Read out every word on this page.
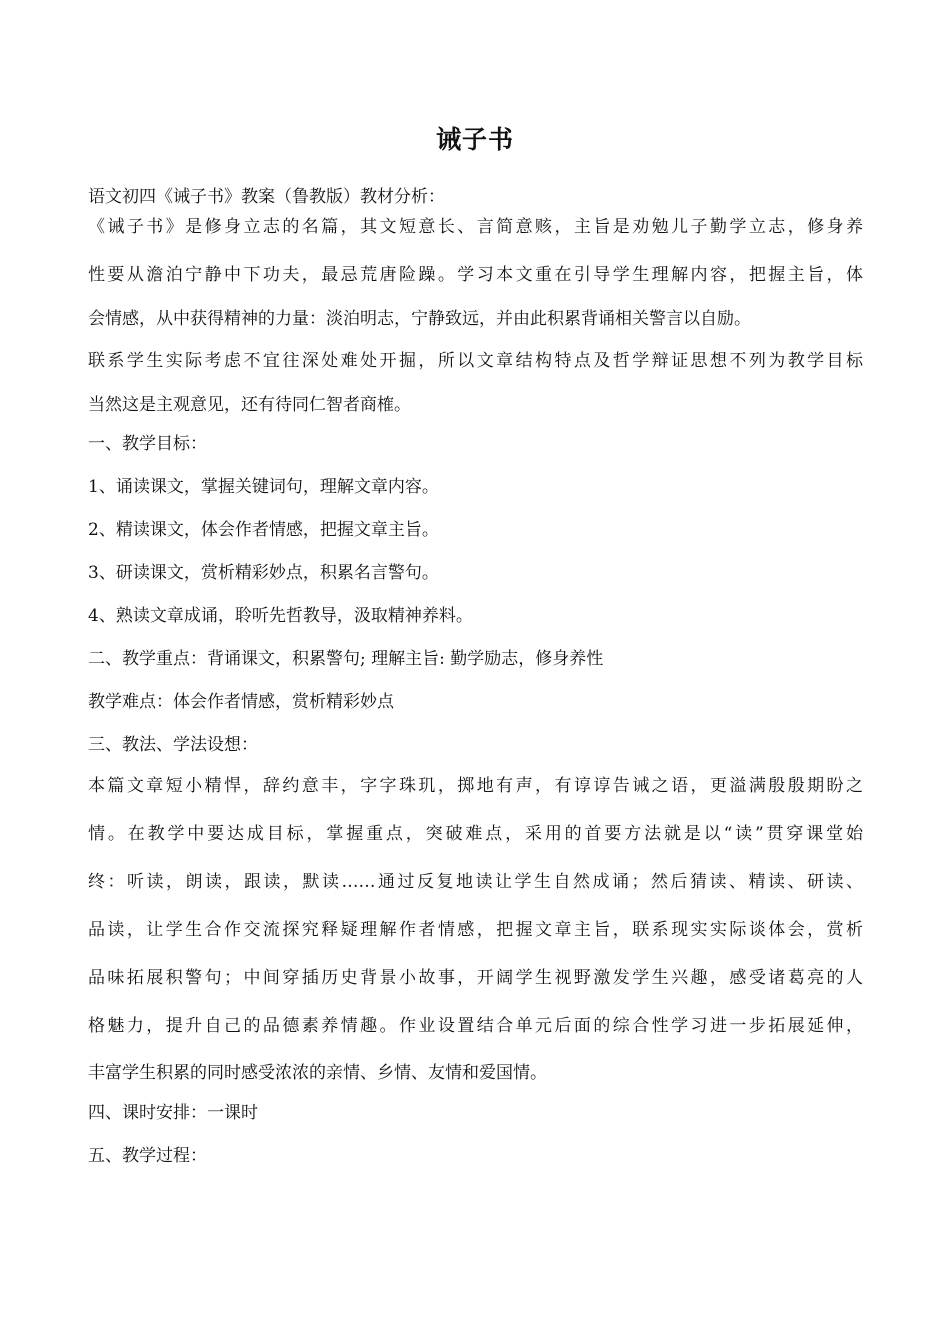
诫子书

语文初四《诫子书》教案（鲁教版）教材分析：

《诫子书》是修身立志的名篇，其文短意长、言简意赅，主旨是劝勉儿子勤学立志，修身养
性要从澹泊宁静中下功夫，最忌荒唐险躁。学习本文重在引导学生理解内容，把握主旨，体
会情感，从中获得精神的力量：淡泊明志，宁静致远，并由此积累背诵相关警言以自励。
联系学生实际考虑不宜往深处难处开掘，所以文章结构特点及哲学辩证思想不列为教学目标
当然这是主观意见，还有待同仁智者商榷。

一、教学目标：

1、诵读课文，掌握关键词句，理解文章内容。

2、精读课文，体会作者情感，把握文章主旨。

3、研读课文，赏析精彩妙点，积累名言警句。

4、熟读文章成诵，聆听先哲教导，汲取精神养料。

二、教学重点：背诵课文，积累警句; 理解主旨: 勤学励志，修身养性

教学难点：体会作者情感，赏析精彩妙点

三、教法、学法设想：

本篇文章短小精悍，辞约意丰，字字珠玑，掷地有声，有谆谆告诫之语，更溢满殷殷期盼之
情。在教学中要达成目标，掌握重点，突破难点，采用的首要方法就是以“读”贯穿课堂始
终：听读，朗读，跟读，默读……通过反复地读让学生自然成诵；然后猜读、精读、研读、
品读，让学生合作交流探究释疑理解作者情感，把握文章主旨，联系现实实际谈体会，赏析
品味拓展积警句；中间穿插历史背景小故事，开阔学生视野激发学生兴趣，感受诸葛亮的人
格魅力，提升自己的品德素养情趣。作业设置结合单元后面的综合性学习进一步拓展延伸，
丰富学生积累的同时感受浓浓的亲情、乡情、友情和爱国情。

四、课时安排：一课时

五、教学过程：
